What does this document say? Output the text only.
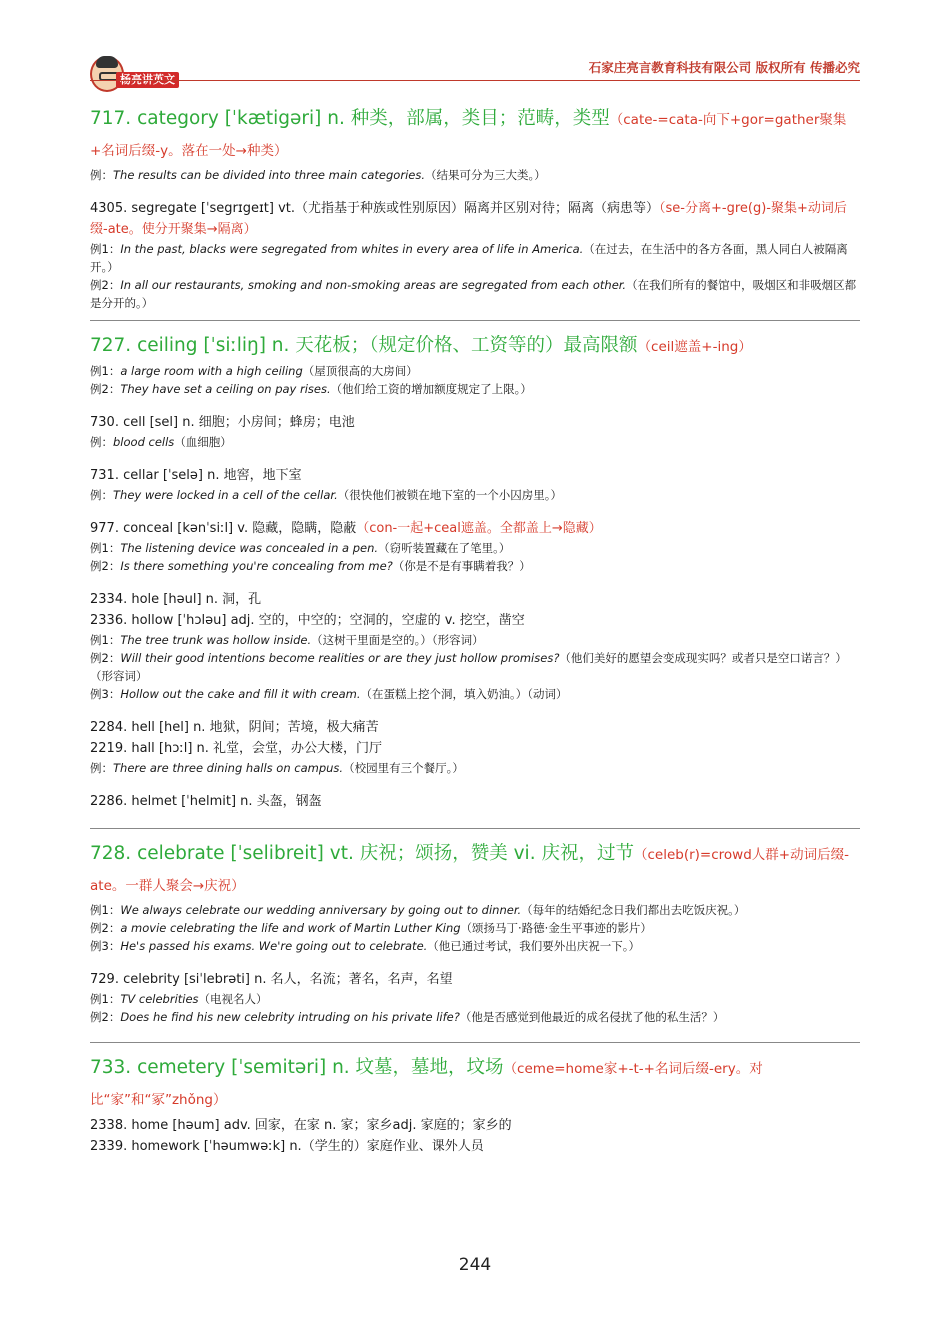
杨亮讲英文
石家庄亮言教育科技有限公司 版权所有 传播必究
717. category [ˈkætigəri] n. 种类，部属，类目；范畴，类型（cate-=cata-向下+gor=gather聚集+名词后缀-y。落在一处→种类）
例：The results can be divided into three main categories.（结果可分为三大类。）
4305. segregate [ˈsegrɪgeɪt] vt.（尤指基于种族或性别原因）隔离并区别对待；隔离（病患等）（se-分离+-gre(g)-聚集+动词后缀-ate。使分开聚集→隔离）
例1：In the past, blacks were segregated from whites in every area of life in America.（在过去，在生活中的各方各面，黑人同白人被隔离开。）
例2：In all our restaurants, smoking and non-smoking areas are segregated from each other.（在我们所有的餐馆中，吸烟区和非吸烟区都是分开的。）
727. ceiling [ˈsiːliŋ] n. 天花板；（规定价格、工资等的）最高限额（ceil遮盖+-ing）
例1：a large room with a high ceiling（屋顶很高的大房间）
例2：They have set a ceiling on pay rises.（他们给工资的增加额度规定了上限。）
730. cell [sel] n. 细胞；小房间；蜂房；电池
例：blood cells（血细胞）
731. cellar [ˈselə] n. 地窖，地下室
例：They were locked in a cell of the cellar.（很快他们被锁在地下室的一个小囚房里。）
977. conceal [kənˈsiːl] v. 隐藏，隐瞒，隐蔽（con-一起+ceal遮盖。全都盖上→隐藏）
例1：The listening device was concealed in a pen.（窃听装置藏在了笔里。）
例2：Is there something you're concealing from me?（你是不是有事瞒着我？）
2334. hole [həul] n. 洞，孔
2336. hollow [ˈhɔləu] adj. 空的，中空的；空洞的，空虚的 v. 挖空，凿空
例1：The tree trunk was hollow inside.（这树干里面是空的。）（形容词）
例2：Will their good intentions become realities or are they just hollow promises?（他们美好的愿望会变成现实吗？或者只是空口诺言？）（形容词）
例3：Hollow out the cake and fill it with cream.（在蛋糕上挖个洞，填入奶油。）（动词）
2284. hell [hel] n. 地狱，阴间；苦境，极大痛苦
2219. hall [hɔːl] n. 礼堂，会堂，办公大楼，门厅
例：There are three dining halls on campus.（校园里有三个餐厅。）
2286. helmet [ˈhelmit] n. 头盔，钢盔
728. celebrate [ˈselibreit] vt. 庆祝；颂扬，赞美 vi. 庆祝，过节（celeb(r)=crowd人群+动词后缀-ate。一群人聚会→庆祝）
例1：We always celebrate our wedding anniversary by going out to dinner.（每年的结婚纪念日我们都出去吃饭庆祝。）
例2：a movie celebrating the life and work of Martin Luther King（颂扬马丁·路德·金生平事迹的影片）
例3：He's passed his exams. We're going out to celebrate.（他已通过考试，我们要外出庆祝一下。）
729. celebrity [siˈlebrəti] n. 名人，名流；著名，名声，名望
例1：TV celebrities（电视名人）
例2：Does he find his new celebrity intruding on his private life?（他是否感觉到他最近的成名侵扰了他的私生活？）
733. cemetery [ˈsemitəri] n. 坟墓，墓地，坟场（ceme=home家+-t-+名词后缀-ery。对比“家”和“冢”zhǒng）
2338. home [həum] adv. 回家，在家 n. 家；家乡adj. 家庭的；家乡的
2339. homework [ˈhəumwəːk] n.（学生的）家庭作业、课外人员
244
